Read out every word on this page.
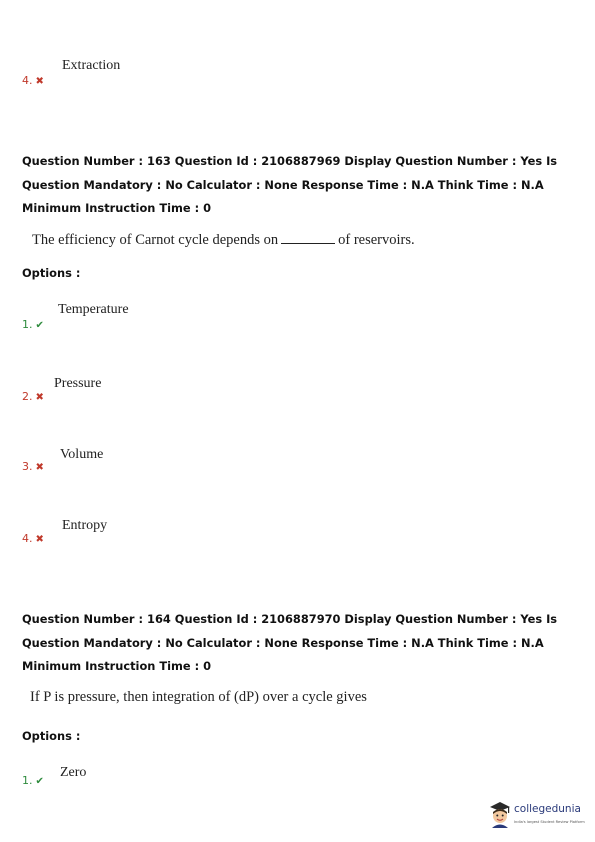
Extraction
4. ✖
Question Number : 163 Question Id : 2106887969 Display Question Number : Yes Is Question Mandatory : No Calculator : None Response Time : N.A Think Time : N.A Minimum Instruction Time : 0
The efficiency of Carnot cycle depends on	of reservoirs.
Options :
Temperature
1. ✔
Pressure
2. ✖
Volume
3. ✖
Entropy
4. ✖
Question Number : 164 Question Id : 2106887970 Display Question Number : Yes Is Question Mandatory : No Calculator : None Response Time : N.A Think Time : N.A Minimum Instruction Time : 0
If P is pressure, then integration of (dP) over a cycle gives
Options :
Zero
1. ✔
collegedunia
India's largest Student Review Platform
